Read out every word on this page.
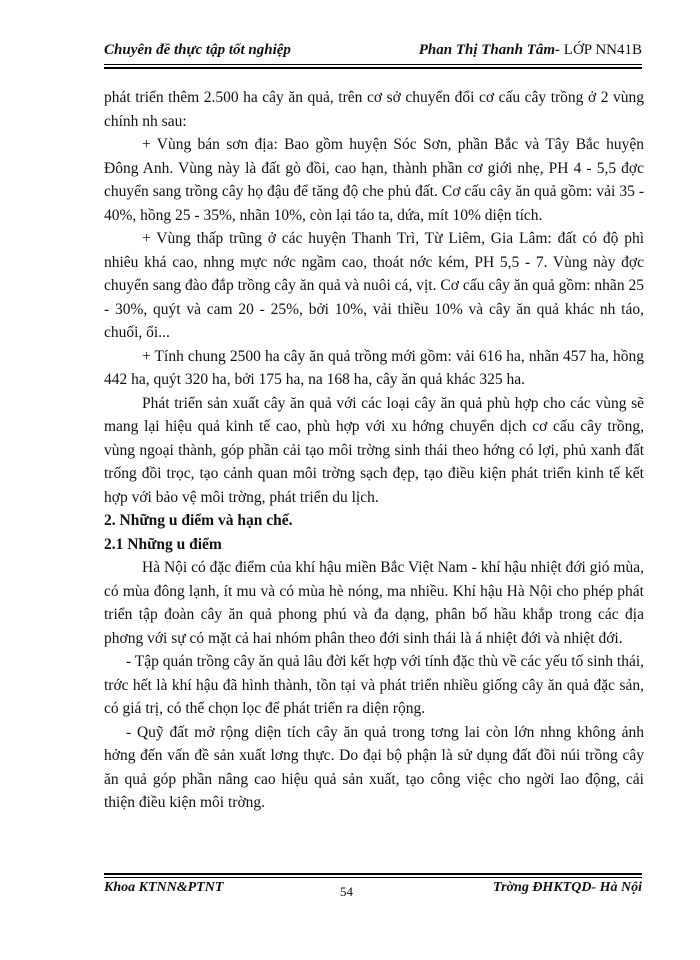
Chuyên đề thực tập tốt nghiệp	Phan Thị Thanh Tâm- LỚP NN41B

phát triển thêm 2.500 ha cây ăn quả, trên cơ sở chuyển đổi cơ cấu cây trồng ở 2 vùng chính nh sau:

+ Vùng bán sơn địa: Bao gồm huyện Sóc Sơn, phần Bắc và Tây Bắc huyện Đông Anh. Vùng này là đất gò đồi, cao hạn, thành phần cơ giới nhẹ, PH 4 - 5,5 đợc chuyển sang trồng cây họ đậu để tăng độ che phủ đất. Cơ cấu cây ăn quả gồm: vải 35 - 40%, hồng 25 - 35%, nhãn 10%, còn lại táo ta, dứa, mít 10% diện tích.

+ Vùng thấp trũng ở các huyện Thanh Trì, Từ Liêm, Gia Lâm: đất có độ phì nhiêu khá cao, nhng mực nớc ngầm cao, thoát nớc kém, PH 5,5 - 7. Vùng này đợc chuyển sang đào đắp trồng cây ăn quả và nuôi cá, vịt. Cơ cấu cây ăn quả gồm: nhãn 25 - 30%, quýt và cam 20 - 25%, bởi 10%, vải thiều 10% và cây ăn quả khác nh táo, chuối, ổi...

+ Tính chung 2500 ha cây ăn quả trồng mới gồm: vải 616 ha, nhãn 457 ha, hồng 442 ha, quýt 320 ha, bởi 175 ha, na 168 ha, cây ăn quả khác 325 ha.

Phát triển sản xuất cây ăn quả với các loại cây ăn quả phù hợp cho các vùng sẽ mang lại hiệu quả kinh tế cao, phù hợp với xu hớng chuyển dịch cơ cấu cây trồng, vùng ngoại thành, góp phần cải tạo môi trờng sinh thái theo hớng có lợi, phủ xanh đất trống đồi trọc, tạo cảnh quan môi trờng sạch đẹp, tạo điều kiện phát triển kinh tế kết hợp với bảo vệ môi trờng, phát triển du lịch.

2. Những u điểm và hạn chế.
2.1 Những u điểm

Hà Nội có đặc điểm của khí hậu miền Bắc Việt Nam - khí hậu nhiệt đới gió mùa, có mùa đông lạnh, ít mu và có mùa hè nóng, ma nhiều. Khí hậu Hà Nội cho phép phát triển tập đoàn cây ăn quả phong phú và đa dạng, phân bố hầu khắp trong các địa phơng với sự có mặt cả hai nhóm phân theo đới sinh thái là á nhiệt đới và nhiệt đới.

- Tập quán trồng cây ăn quả lâu đời kết hợp với tính đặc thù về các yếu tố sinh thái, trớc hết là khí hậu đã hình thành, tồn tại và phát triển nhiều giống cây ăn quả đặc sản, có giá trị, có thể chọn lọc để phát triển ra diện rộng.

- Quỹ đất mở rộng diện tích cây ăn quả trong tơng lai còn lớn nhng không ảnh hởng đến vấn đề sản xuất lơng thực. Do đại bộ phận là sử dụng đất đồi núi trồng cây ăn quả góp phần nâng cao hiệu quả sản xuất, tạo công việc cho ngời lao động, cải thiện điều kiện môi trờng.

Khoa KTNN&PTNT	54	Trờng ĐHKTQD- Hà Nội
